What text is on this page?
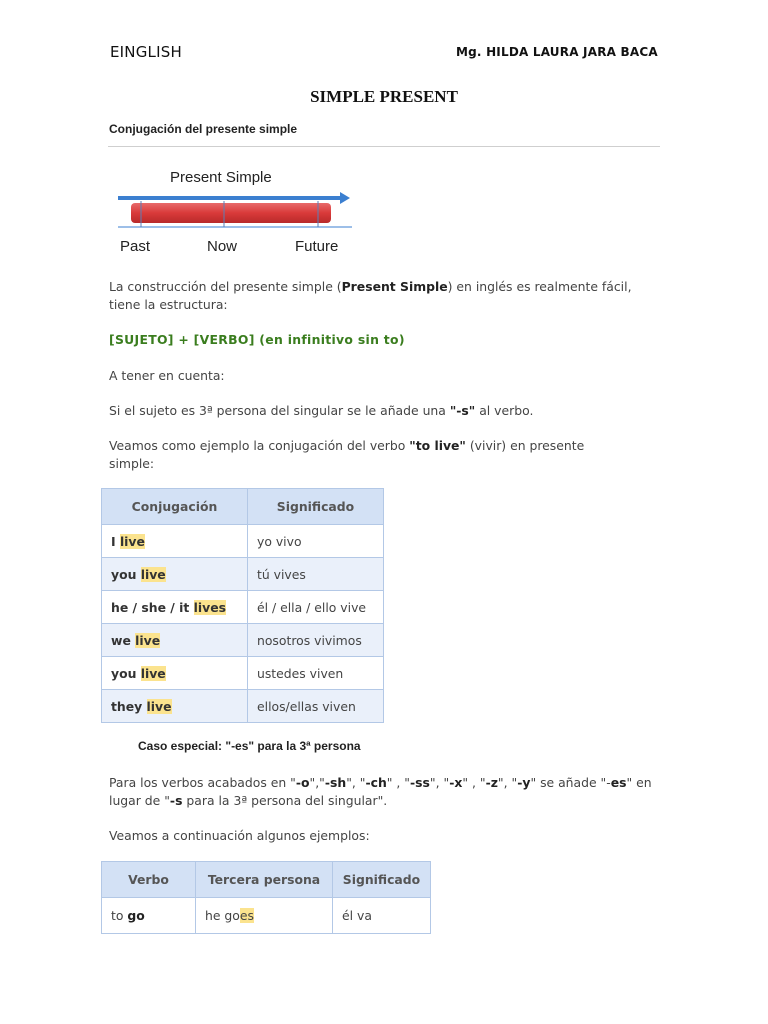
EINGLISH	Mg. HILDA LAURA JARA BACA
SIMPLE PRESENT
Conjugación del presente simple
Present Simple
Past	Now	Future
La construcción del presente simple (Present Simple) en inglés es realmente fácil, tiene la estructura:
[SUJETO] + [VERBO] (en infinitivo sin to)
A tener en cuenta:
Si el sujeto es 3ª persona del singular se le añade una "-s" al verbo.
Veamos como ejemplo la conjugación del verbo "to live" (vivir) en presente simple:
Conjugación	Significado
I live	yo vivo
you live	tú vives
he / she / it lives	él / ella / ello vive
we live	nosotros vivimos
you live	ustedes viven
they live	ellos/ellas viven
Caso especial: "-es" para la 3ª persona
Para los verbos acabados en "-o","-sh", "-ch" , "-ss", "-x" , "-z", "-y" se añade "-es" en lugar de "-s para la 3ª persona del singular".
Veamos a continuación algunos ejemplos:
Verbo	Tercera persona	Significado
to go	he goes	él va
